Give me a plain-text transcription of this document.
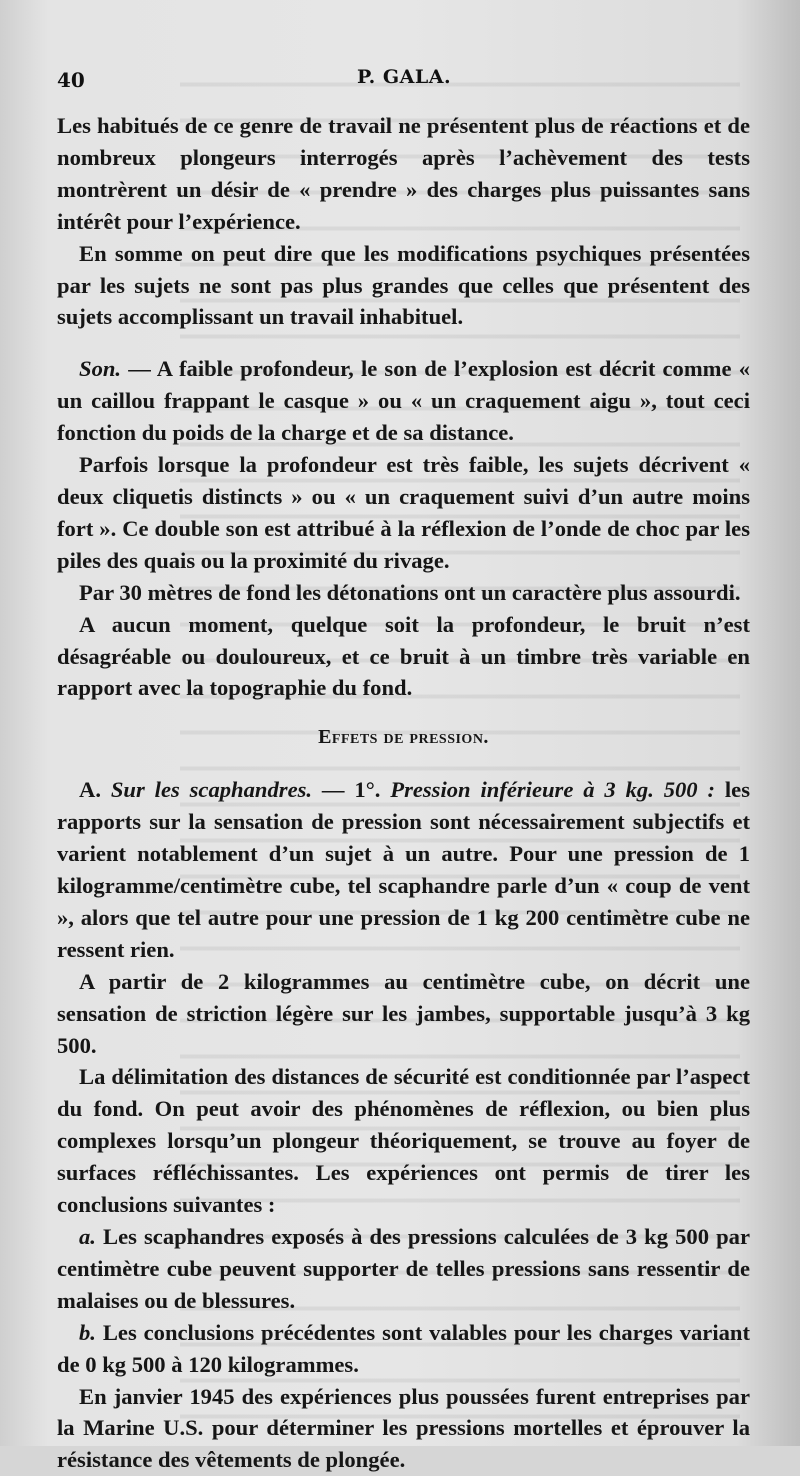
40	P. GALA.

Les habitués de ce genre de travail ne présentent plus de réactions et de nombreux plongeurs interrogés après l’achèvement des tests montrèrent un désir de « prendre » des charges plus puissantes sans intérêt pour l’expérience.

En somme on peut dire que les modifications psychiques présentées par les sujets ne sont pas plus grandes que celles que présentent des sujets accomplissant un travail inhabituel.

Son. — A faible profondeur, le son de l’explosion est décrit comme « un caillou frappant le casque » ou « un craquement aigu », tout ceci fonction du poids de la charge et de sa distance.

Parfois lorsque la profondeur est très faible, les sujets décrivent « deux cliquetis distincts » ou « un craquement suivi d’un autre moins fort ». Ce double son est attribué à la réflexion de l’onde de choc par les piles des quais ou la proximité du rivage.

Par 30 mètres de fond les détonations ont un caractère plus assourdi.

A aucun moment, quelque soit la profondeur, le bruit n’est désagréable ou douloureux, et ce bruit à un timbre très variable en rapport avec la topographie du fond.

Effets de pression.

A. Sur les scaphandres. — 1°. Pression inférieure à 3 kg. 500 : les rapports sur la sensation de pression sont nécessairement subjectifs et varient notablement d’un sujet à un autre. Pour une pression de 1 kilogramme/centimètre cube, tel scaphandre parle d’un « coup de vent », alors que tel autre pour une pression de 1 kg 200 centimètre cube ne ressent rien.

A partir de 2 kilogrammes au centimètre cube, on décrit une sensation de striction légère sur les jambes, supportable jusqu’à 3 kg 500.

La délimitation des distances de sécurité est conditionnée par l’aspect du fond. On peut avoir des phénomènes de réflexion, ou bien plus complexes lorsqu’un plongeur théoriquement, se trouve au foyer de surfaces réfléchissantes. Les expériences ont permis de tirer les conclusions suivantes :

a. Les scaphandres exposés à des pressions calculées de 3 kg 500 par centimètre cube peuvent supporter de telles pressions sans ressentir de malaises ou de blessures.

b. Les conclusions précédentes sont valables pour les charges variant de 0 kg 500 à 120 kilogrammes.

En janvier 1945 des expériences plus poussées furent entreprises par la Marine U.S. pour déterminer les pressions mortelles et éprouver la résistance des vêtements de plongée.
